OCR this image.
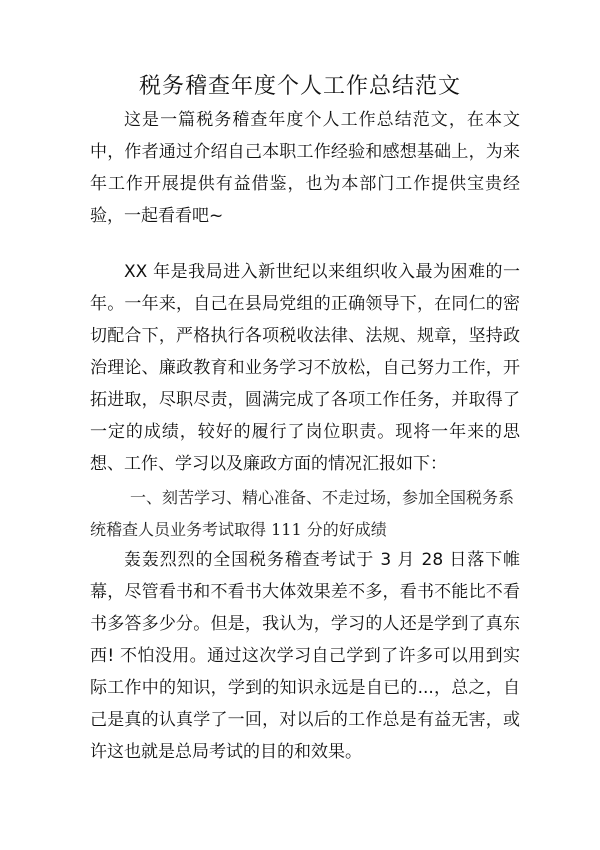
税务稽查年度个人工作总结范文

这是一篇税务稽查年度个人工作总结范文，在本文中，作者通过介绍自己本职工作经验和感想基础上，为来年工作开展提供有益借鉴，也为本部门工作提供宝贵经验，一起看看吧~

XX 年是我局进入新世纪以来组织收入最为困难的一年。一年来，自己在县局党组的正确领导下，在同仁的密切配合下，严格执行各项税收法律、法规、规章，坚持政治理论、廉政教育和业务学习不放松，自己努力工作，开拓进取，尽职尽责，圆满完成了各项工作任务，并取得了一定的成绩，较好的履行了岗位职责。现将一年来的思想、工作、学习以及廉政方面的情况汇报如下：

一、刻苦学习、精心准备、不走过场，参加全国税务系统稽查人员业务考试取得 111 分的好成绩

轰轰烈烈的全国税务稽查考试于 3 月 28 日落下帷幕，尽管看书和不看书大体效果差不多，看书不能比不看书多答多少分。但是，我认为，学习的人还是学到了真东西! 不怕没用。通过这次学习自己学到了许多可以用到实际工作中的知识，学到的知识永远是自已的...，总之，自己是真的认真学了一回，对以后的工作总是有益无害，或许这也就是总局考试的目的和效果。
